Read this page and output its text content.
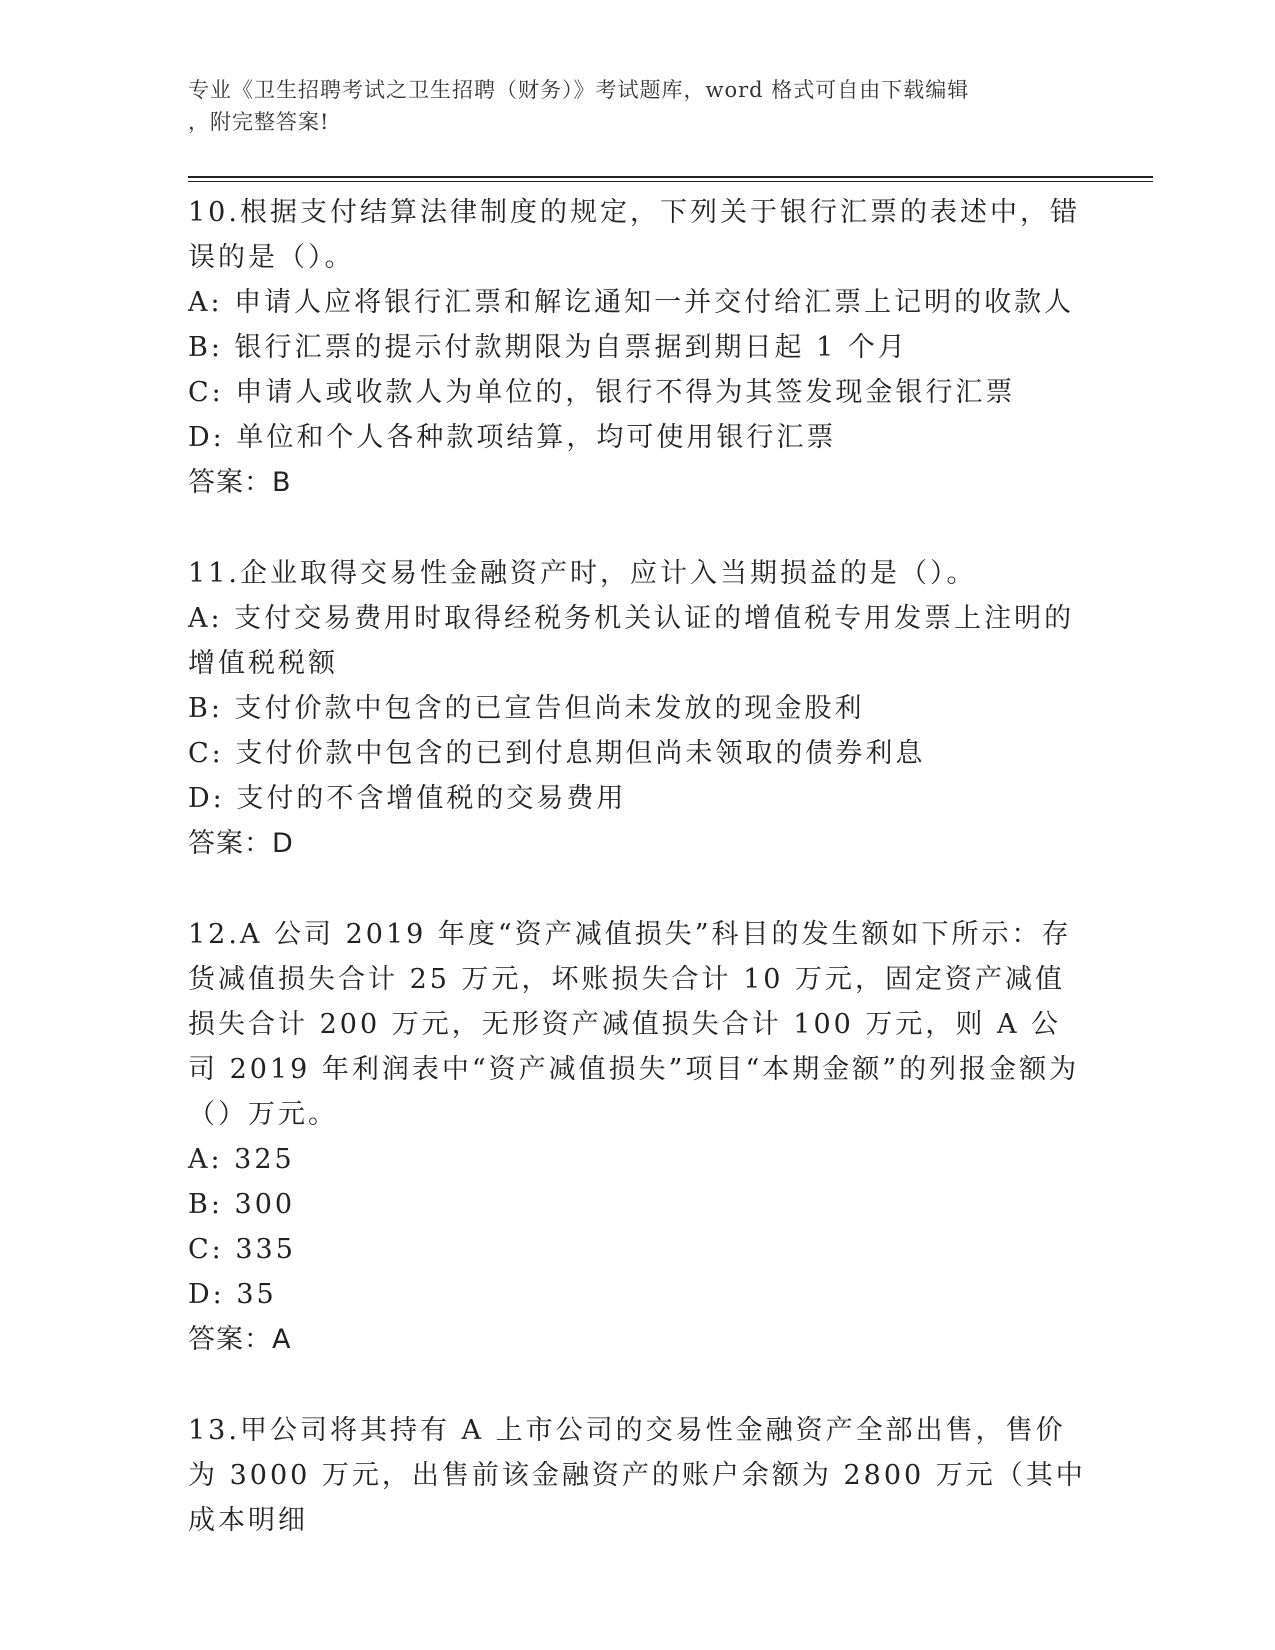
专业《卫生招聘考试之卫生招聘（财务）》考试题库，word 格式可自由下载编辑
，附完整答案!

10.根据支付结算法律制度的规定，下列关于银行汇票的表述中，错误的是（）。

A: 申请人应将银行汇票和解讫通知一并交付给汇票上记明的收款人

B: 银行汇票的提示付款期限为自票据到期日起 1 个月

C: 申请人或收款人为单位的，银行不得为其签发现金银行汇票

D: 单位和个人各种款项结算，均可使用银行汇票

答案：B

11.企业取得交易性金融资产时，应计入当期损益的是（）。

A: 支付交易费用时取得经税务机关认证的增值税专用发票上注明的增值税税额

B: 支付价款中包含的已宣告但尚未发放的现金股利

C: 支付价款中包含的已到付息期但尚未领取的债券利息

D: 支付的不含增值税的交易费用

答案：D

12.A 公司 2019 年度“资产减值损失”科目的发生额如下所示：存货减值损失合计 25 万元，坏账损失合计 10 万元，固定资产减值损失合计 200 万元，无形资产减值损失合计 100 万元，则 A 公司 2019 年利润表中“资产减值损失”项目“本期金额”的列报金额为（）万元。

A: 325

B: 300

C: 335

D: 35

答案：A

13.甲公司将其持有 A 上市公司的交易性金融资产全部出售，售价为 3000 万元，出售前该金融资产的账户余额为 2800 万元（其中成本明细
